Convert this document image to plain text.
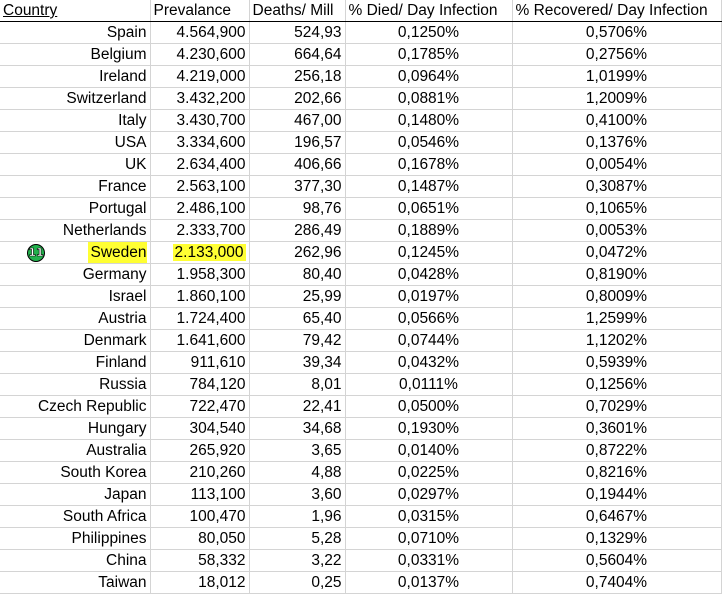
Country	Prevalance	Deaths/ Mill	% Died/ Day Infection	% Recovered/ Day Infection
Spain	4.564,900	524,93	0,1250%	0,5706%
Belgium	4.230,600	664,64	0,1785%	0,2756%
Ireland	4.219,000	256,18	0,0964%	1,0199%
Switzerland	3.432,200	202,66	0,0881%	1,2009%
Italy	3.430,700	467,00	0,1480%	0,4100%
USA	3.334,600	196,57	0,0546%	0,1376%
UK	2.634,400	406,66	0,1678%	0,0054%
France	2.563,100	377,30	0,1487%	0,3087%
Portugal	2.486,100	98,76	0,0651%	0,1065%
Netherlands	2.333,700	286,49	0,1889%	0,0053%

11 Sweden	2.133,000	262,96	0,1245%	0,0472%
Germany	1.958,300	80,40	0,0428%	0,8190%
Israel	1.860,100	25,99	0,0197%	0,8009%
Austria	1.724,400	65,40	0,0566%	1,2599%
Denmark	1.641,600	79,42	0,0744%	1,1202%
Finland	911,610	39,34	0,0432%	0,5939%
Russia	784,120	8,01	0,0111%	0,1256%
Czech Republic	722,470	22,41	0,0500%	0,7029%
Hungary	304,540	34,68	0,1930%	0,3601%
Australia	265,920	3,65	0,0140%	0,8722%
South Korea	210,260	4,88	0,0225%	0,8216%
Japan	113,100	3,60	0,0297%	0,1944%
South Africa	100,470	1,96	0,0315%	0,6467%
Philippines	80,050	5,28	0,0710%	0,1329%
China	58,332	3,22	0,0331%	0,5604%
Taiwan	18,012	0,25	0,0137%	0,7404%
